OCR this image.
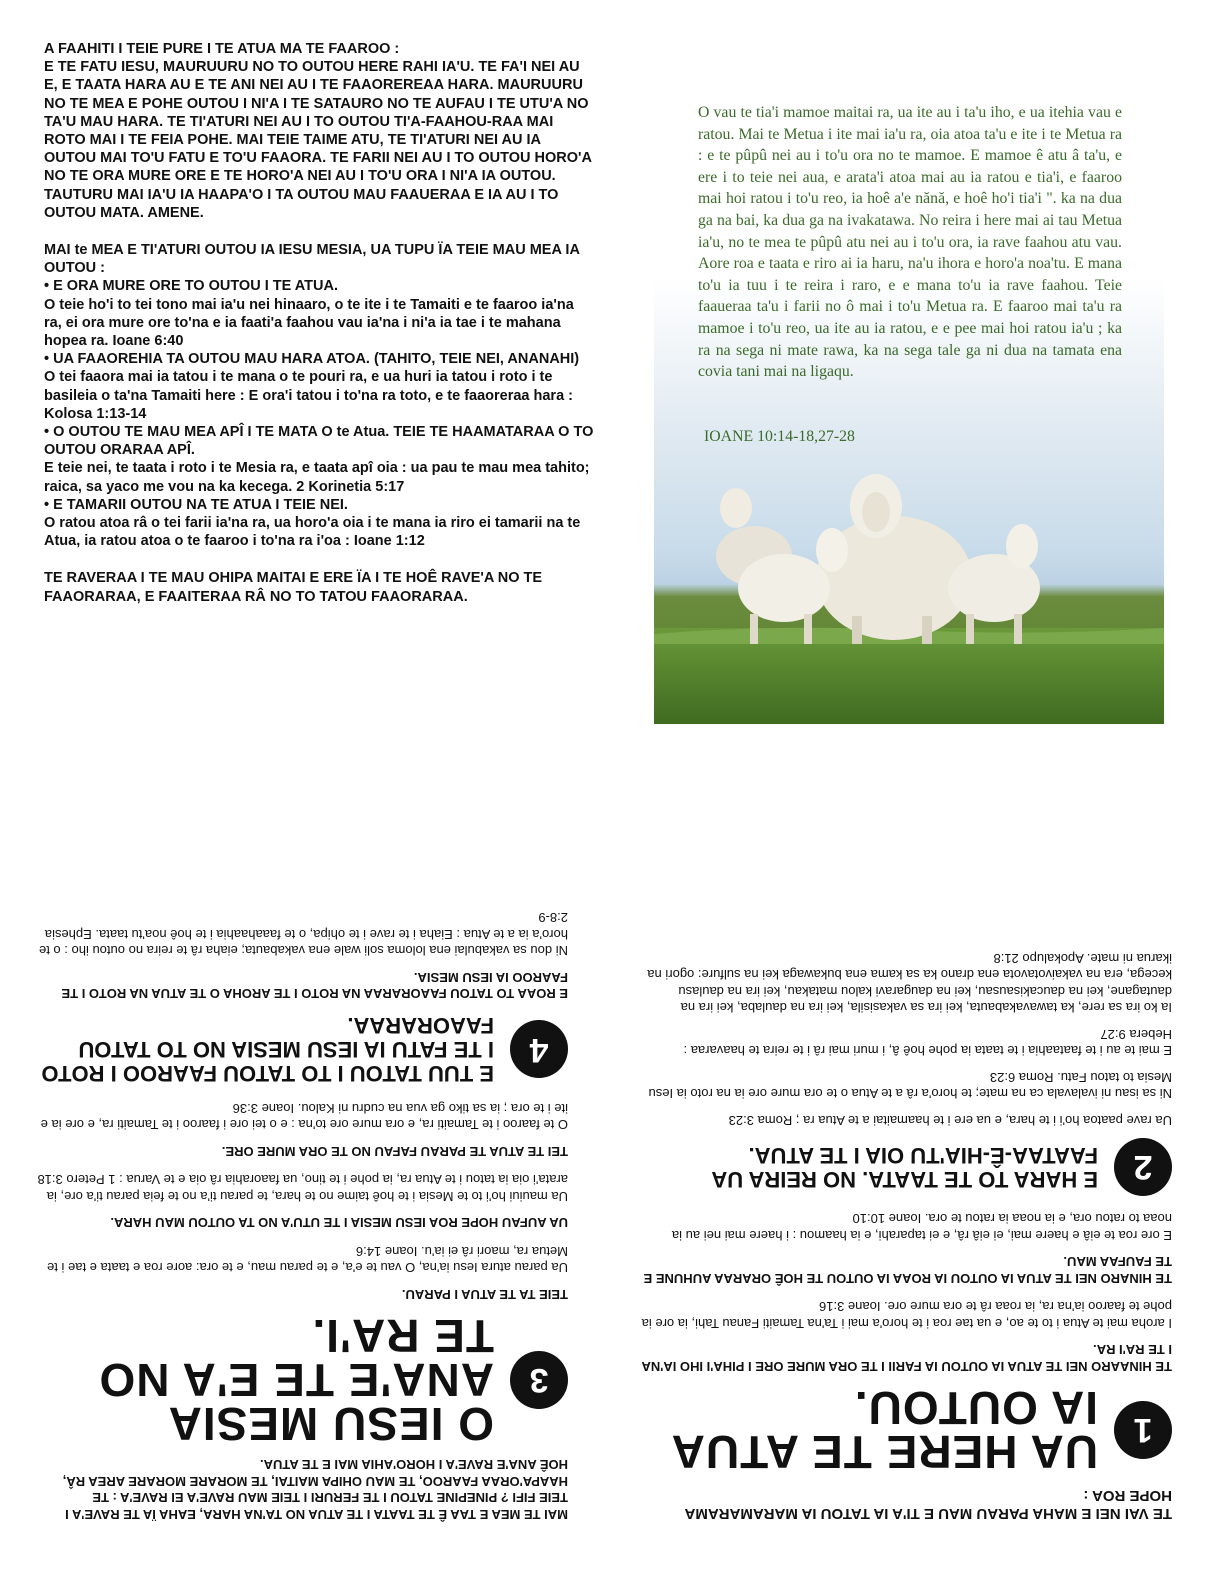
A FAAHITI I TEIE PURE I TE ATUA MA TE FAAROO :

E TE FATU IESU, MAURUURU NO TO OUTOU HERE RAHI IA'U. TE FA'I NEI AU E, E TAATA HARA AU E TE ANI NEI AU I TE FAAOREREAA HARA. MAURUURU NO TE MEA E POHE OUTOU I NI'A I TE SATAURO NO TE AUFAU I TE UTU'A NO TA'U MAU HARA. TE TI'ATURI NEI AU I TO OUTOU TI'A-FAAHOU-RAA MAI ROTO MAI I TE FEIA POHE. MAI TEIE TAIME ATU, TE TI'ATURI NEI AU IA OUTOU MAI TO'U FATU E TO'U FAAORA. TE FARII NEI AU I TO OUTOU HORO'A NO TE ORA MURE ORE E TE HORO'A NEI AU I TO'U ORA I NI'A IA OUTOU. TAUTURU MAI IA'U IA HAAPA'O I TA OUTOU MAU FAAUERAA E IA AU I TO OUTOU MATA. AMENE.

MAI te MEA E TI'ATURI OUTOU IA IESU MESIA, UA TUPU ÏA TEIE MAU MEA IA OUTOU :

• E ORA MURE ORE TO OUTOU I TE ATUA.

O teie ho'i to tei tono mai ia'u nei hinaaro, o te ite i te Tamaiti e te faaroo ia'na ra, ei ora mure ore to'na e ia faati'a faahou vau ia'na i ni'a ia tae i te mahana hopea ra. Ioane 6:40

• UA FAAOREHIA TA OUTOU MAU HARA ATOA. (TAHITO, TEIE NEI, ANANAHI)

O tei faaora mai ia tatou i te mana o te pouri ra, e ua huri ia tatou i roto i te basileia o ta'na Tamaiti here : E ora'i tatou i to'na ra toto, e te faaoreraa hara : Kolosa 1:13-14

• O OUTOU TE MAU MEA APÎ I TE MATA O te Atua. TEIE TE HAAMATARAA O TO OUTOU ORARAA APÎ.

E teie nei, te taata i roto i te Mesia ra, e taata apî oia : ua pau te mau mea tahito; raica, sa yaco me vou na ka kecega. 2 Korinetia 5:17

• E TAMARII OUTOU NA TE ATUA I TEIE NEI.

O ratou atoa râ o tei farii ia'na ra, ua horo'a oia i te mana ia riro ei tamarii na te Atua, ia ratou atoa o te faaroo i to'na ra i'oa : Ioane 1:12

TE RAVERAA I TE MAU OHIPA MAITAI E ERE ÏA I TE HOÊ RAVE'A NO TE FAAORARAA, E FAAITERAA RÂ NO TO TATOU FAAORARAA.

O vau te tia'i mamoe maitai ra, ua ite au i ta'u iho, e ua itehia vau e ratou. Mai te Metua i ite mai ia'u ra, oia atoa ta'u e ite i te Metua ra : e te pûpû nei au i to'u ora no te mamoe. E mamoe ê atu â ta'u, e ere i to teie nei aua, e arata'i atoa mai au ia ratou e tia'i, e faaroo mai hoi ratou i to'u reo, ia hoê a'e nănă, e hoê ho'i tia'i ". ka na dua ga na bai, ka dua ga na ivakatawa. No reira i here mai ai tau Metua ia'u, no te mea te pûpû atu nei au i to'u ora, ia rave faahou atu vau. Aore roa e taata e riro ai ia haru, na'u ihora e horo'a noa'tu. E mana to'u ia tuu i te reira i raro, e e mana to'u ia rave faahou. Teie faaueraa ta'u i farii no ô mai i to'u Metua ra. E faaroo mai ta'u ra mamoe i to'u reo, ua ite au ia ratou, e e pee mai hoi ratou ia'u ; ka ra na sega ni mate rawa, ka na sega tale ga ni dua na tamata ena covia tani mai na ligaqu.
IOANE 10:14-18,27-28

MAI TE MEA E TAA Ê TE TAATA I TE ATUA NO TA'NA HARA, EAHA ÏA TE RAVE'A I TEIE FIFI ? PINEPINE TATOU I TE FERURI I TEIE MAU RAVE'A EI RAVE'A : TE HAAPA'ORAA FAAROO, TE MAU OHIPA MAITAI, TE MORARE MORARE AREA RÂ, HOÊ ANA'E RAVE'A I HORO'AHIA MAI E TE ATUA.

3
O IESU MESIA ANA'E TE E'A NO TE RA'I.

TEIE TA TE ATUA I PARAU.

Ua parau atura Iesu ia'na, O vau te e'a, e te parau mau, e te ora: aore roa e taata e tae i te Metua ra, maori râ ei ia'u. Ioane 14:6

UA AUFAU HOPE ROA IESU MESIA I TE UTU'A NO TA OUTOU MAU HARA.

Ua mauiui ho'i to te Mesia i te hoê taime no te hara, te parau ti'a no te feia parau ti'a ore, ia arata'i oia ia tatou i te Atua ra, ia pohe i te tino, ua faaorahia râ oia e te Varua : 1 Petero 3:18

TEI TE ATUA TE PARAU FAFAU NO TE ORA MURE ORE.

O te faaroo i te Tamaiti ra, e ora mure ore to'na : e o tei ore i faaroo i te Tamaiti ra, e ore ia e ite i te ora ; ia sa tiko ga vua na cudru ni Kalou. Ioane 3:36

4
E TUU TATOU I TO TATOU FAAROO I ROTO I TE FATU IA IESU MESIA NO TO TATOU FAAORARAA.

E ROAA TO TATOU FAAORARAA NA ROTO I TE AROHA O TE ATUA NA ROTO I TE FAAROO IA IESU MESIA.

Ni dou sa vakabulai ena loloma soli wale ena vakabauta; eiaha râ te reira no outou iho : o te horo'a ia a te Atua : Eiaha i te rave i te ohipa, o te faaahaahia i te hoê noa'tu taata. Ephesia 2:8-9

TE VAI NEI E MAHA PARAU MAU E TI'A IA TATOU IA MARAMARAMA HOPE ROA :

1
UA HERE TE ATUA IA OUTOU.

TE HINAARO NEI TE ATUA IA OUTOU IA FARII I TE ORA MURE ORE I PIHA'I IHO IA'NA I TE RA'I RA.

I aroha mai te Atua i to te ao, e ua tae roa i te horo'a mai i Ta'na Tamaiti Fanau Tahi, ia ore ia pohe te faaroo ia'na ra, ia roaa râ te ora mure ore. Ioane 3:16

TE HINARO NEI TE ATUA IA OUTOU IA ROAA IA OUTOU TE HOÊ ORARAA AUHUNE E TE FAUFAA MAU.

E ore roa te eiâ e haere mai, ei eiâ râ, e ei taparahi, e ia haamou : i haere mai nei au ia noaa to ratou ora, e ia noaa ia ratou te ora. Ioane 10:10

2
E HARA TO TE TAATA. NO REIRA UA FAATAA-Ê-HIA'TU OIA I TE ATUA.

Ua rave paatoa ho'i i te hara, e ua ere i te haamaitai a te Atua ra ; Roma 3:23

Ni sa isau ni ivalavala ca na mate; te horo'a râ a te Atua o te ora mure ore ia na roto ia Iesu Mesia to tatou Fatu. Roma 6:23

E mai te au i te faataahia i te taata ia pohe hoê â, i muri mai râ i te reira te haavaraa : Hebera 9:27

Ia ko ira sa rere, ka tawavakabauta, kei ira sa vakasisila, kei ira na daulaba, kei ira na dautagane, kei na daucakisausau, kei na daugaravi kalou matakau, kei ira na daulasu kecega, era na vakaivotavota ena drano ka sa kama ena bukawaga kei na sulfure: ogori na ikarua ni mate. Apokalupo 21:8
